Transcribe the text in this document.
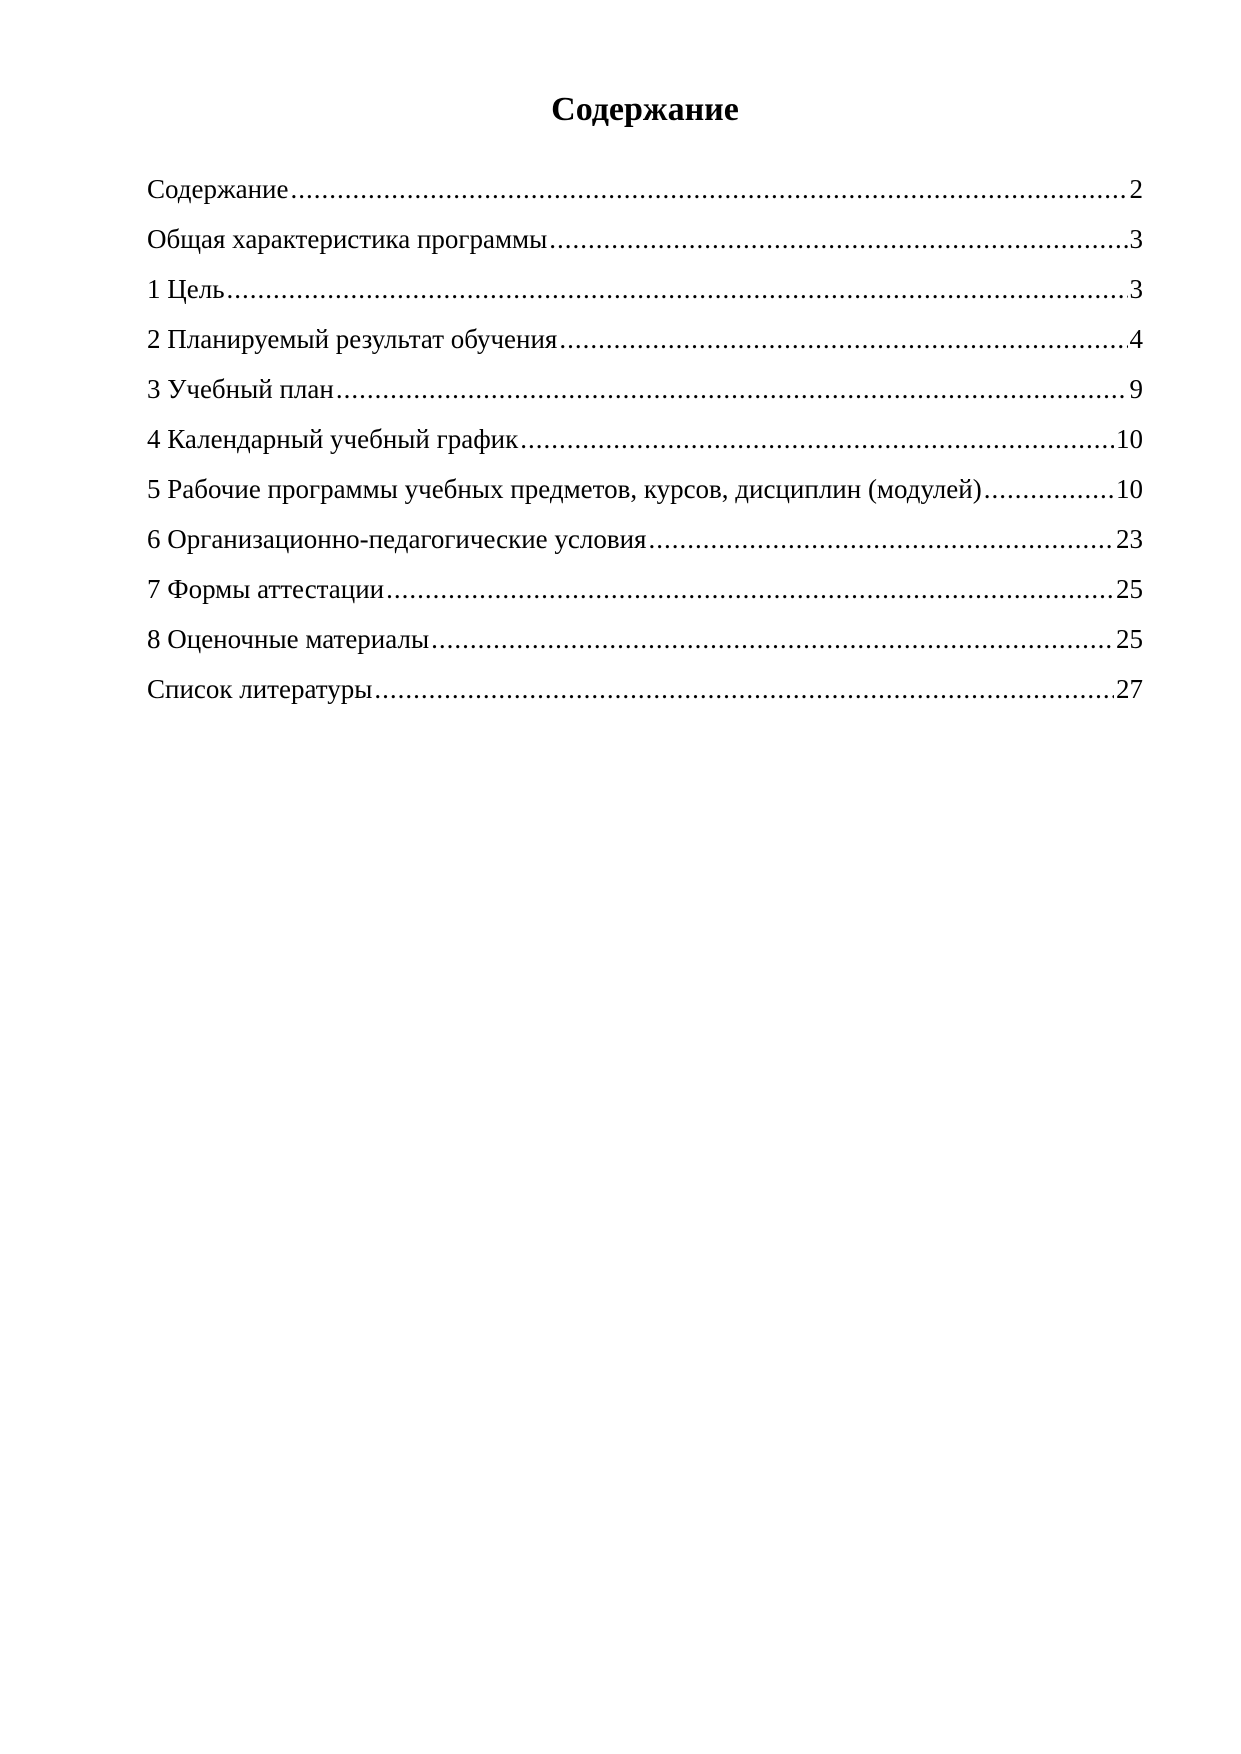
Содержание
Содержание .....	2
Общая характеристика программы .....	3
1 Цель .....	3
2 Планируемый результат обучения .....	4
3 Учебный план .....	9
4 Календарный учебный график .....	10
5 Рабочие программы учебных предметов, курсов, дисциплин (модулей) .....	10
6 Организационно-педагогические условия .....	23
7 Формы аттестации .....	25
8 Оценочные материалы .....	25
Список литературы .....	27
